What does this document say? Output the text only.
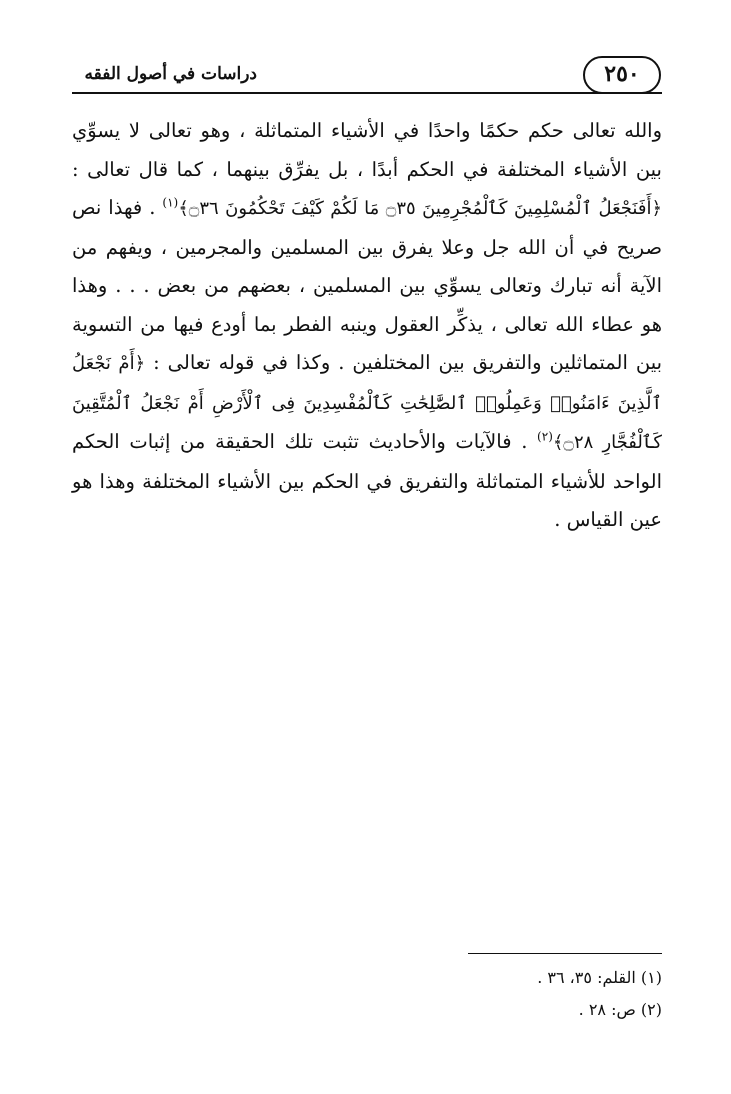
٢٥٠
دراسات في أصول الفقه

والله تعالى حكم حكمًا واحدًا في الأشياء المتماثلة ، وهو تعالى لا يسوِّي بين الأشياء المختلفة في الحكم أبدًا ، بل يفرِّق بينهما ، كما قال تعالى : ﴿أَفَنَجْعَلُ ٱلْمُسْلِمِينَ كَٱلْمُجْرِمِينَ ۝٣٥ مَا لَكُمْ كَيْفَ تَحْكُمُونَ ۝٣٦﴾$^{(١)}$ . فهذا نص صريح في أن الله جل وعلا يفرق بين المسلمين والمجرمين ، ويفهم من الآية أنه تبارك وتعالى يسوِّي بين المسلمين ، بعضهم من بعض . . . وهذا هو عطاء الله تعالى ، يذكِّر العقول وينبه الفطر بما أودع فيها من التسوية بين المتماثلين والتفريق بين المختلفين . وكذا في قوله تعالى : ﴿أَمْ نَجْعَلُ ٱلَّذِينَ ءَامَنُوا۟ وَعَمِلُوا۟ ٱلصَّٰلِحَٰتِ كَٱلْمُفْسِدِينَ فِى ٱلْأَرْضِ أَمْ نَجْعَلُ ٱلْمُتَّقِينَ كَٱلْفُجَّارِ ۝٢٨﴾$^{(٢)}$ . فالآيات والأحاديث تثبت تلك الحقيقة من إثبات الحكم الواحد للأشياء المتماثلة والتفريق في الحكم بين الأشياء المختلفة وهذا هو عين القياس .

(١) القلم: ٣٥، ٣٦ .
(٢) ص: ٢٨ .
